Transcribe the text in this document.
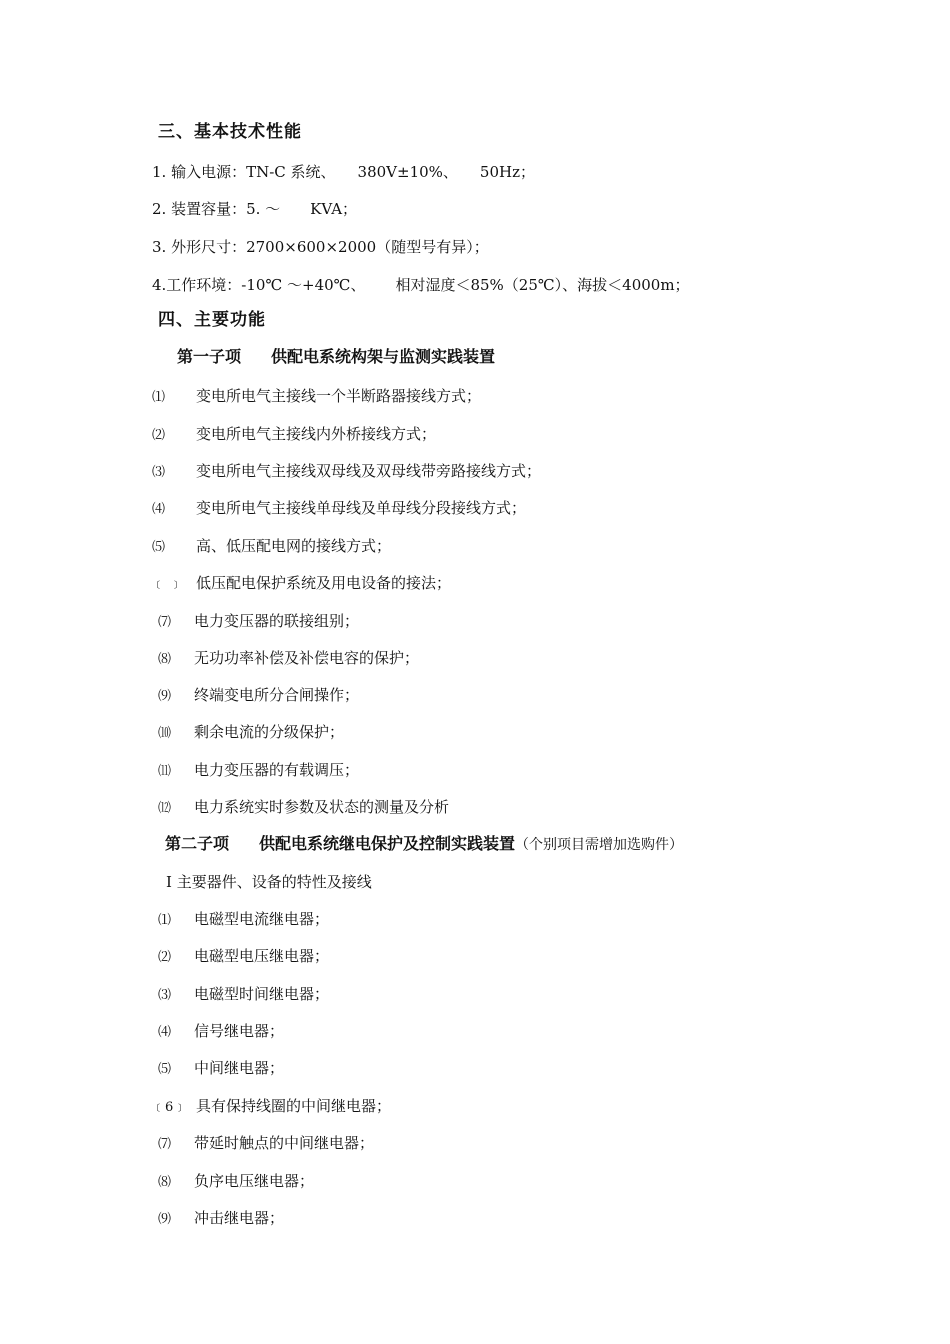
三、基本技术性能
1. 输入电源：TN-C 系统、 380V±10%、 50Hz；
2. 装置容量：5. ～ KVA；
3. 外形尺寸：2700×600×2000（随型号有异）；
4.工作环境：-10℃ ～+40℃、 相对湿度＜85%（25℃）、海拔＜4000m；
四、主要功能
第一子项 供配电系统构架与监测实践装置
⑴ 变电所电气主接线一个半断路器接线方式；
⑵ 变电所电气主接线内外桥接线方式；
⑶ 变电所电气主接线双母线及双母线带旁路接线方式；
⑷ 变电所电气主接线单母线及单母线分段接线方式；
⑸ 高、低压配电网的接线方式；
﹝ ﹞ 低压配电保护系统及用电设备的接法；
⑺ 电力变压器的联接组别；
⑻ 无功功率补偿及补偿电容的保护；
⑼ 终端变电所分合闸操作；
⑽ 剩余电流的分级保护；
⑾ 电力变压器的有载调压；
⑿ 电力系统实时参数及状态的测量及分析
第二子项 供配电系统继电保护及控制实践装置（个别项目需增加选购件）
Ⅰ 主要器件、设备的特性及接线
⑴ 电磁型电流继电器；
⑵ 电磁型电压继电器；
⑶ 电磁型时间继电器；
⑷ 信号继电器；
⑸ 中间继电器；
﹝6﹞ 具有保持线圈的中间继电器；
⑺ 带延时触点的中间继电器；
⑻ 负序电压继电器；
⑼ 冲击继电器；
